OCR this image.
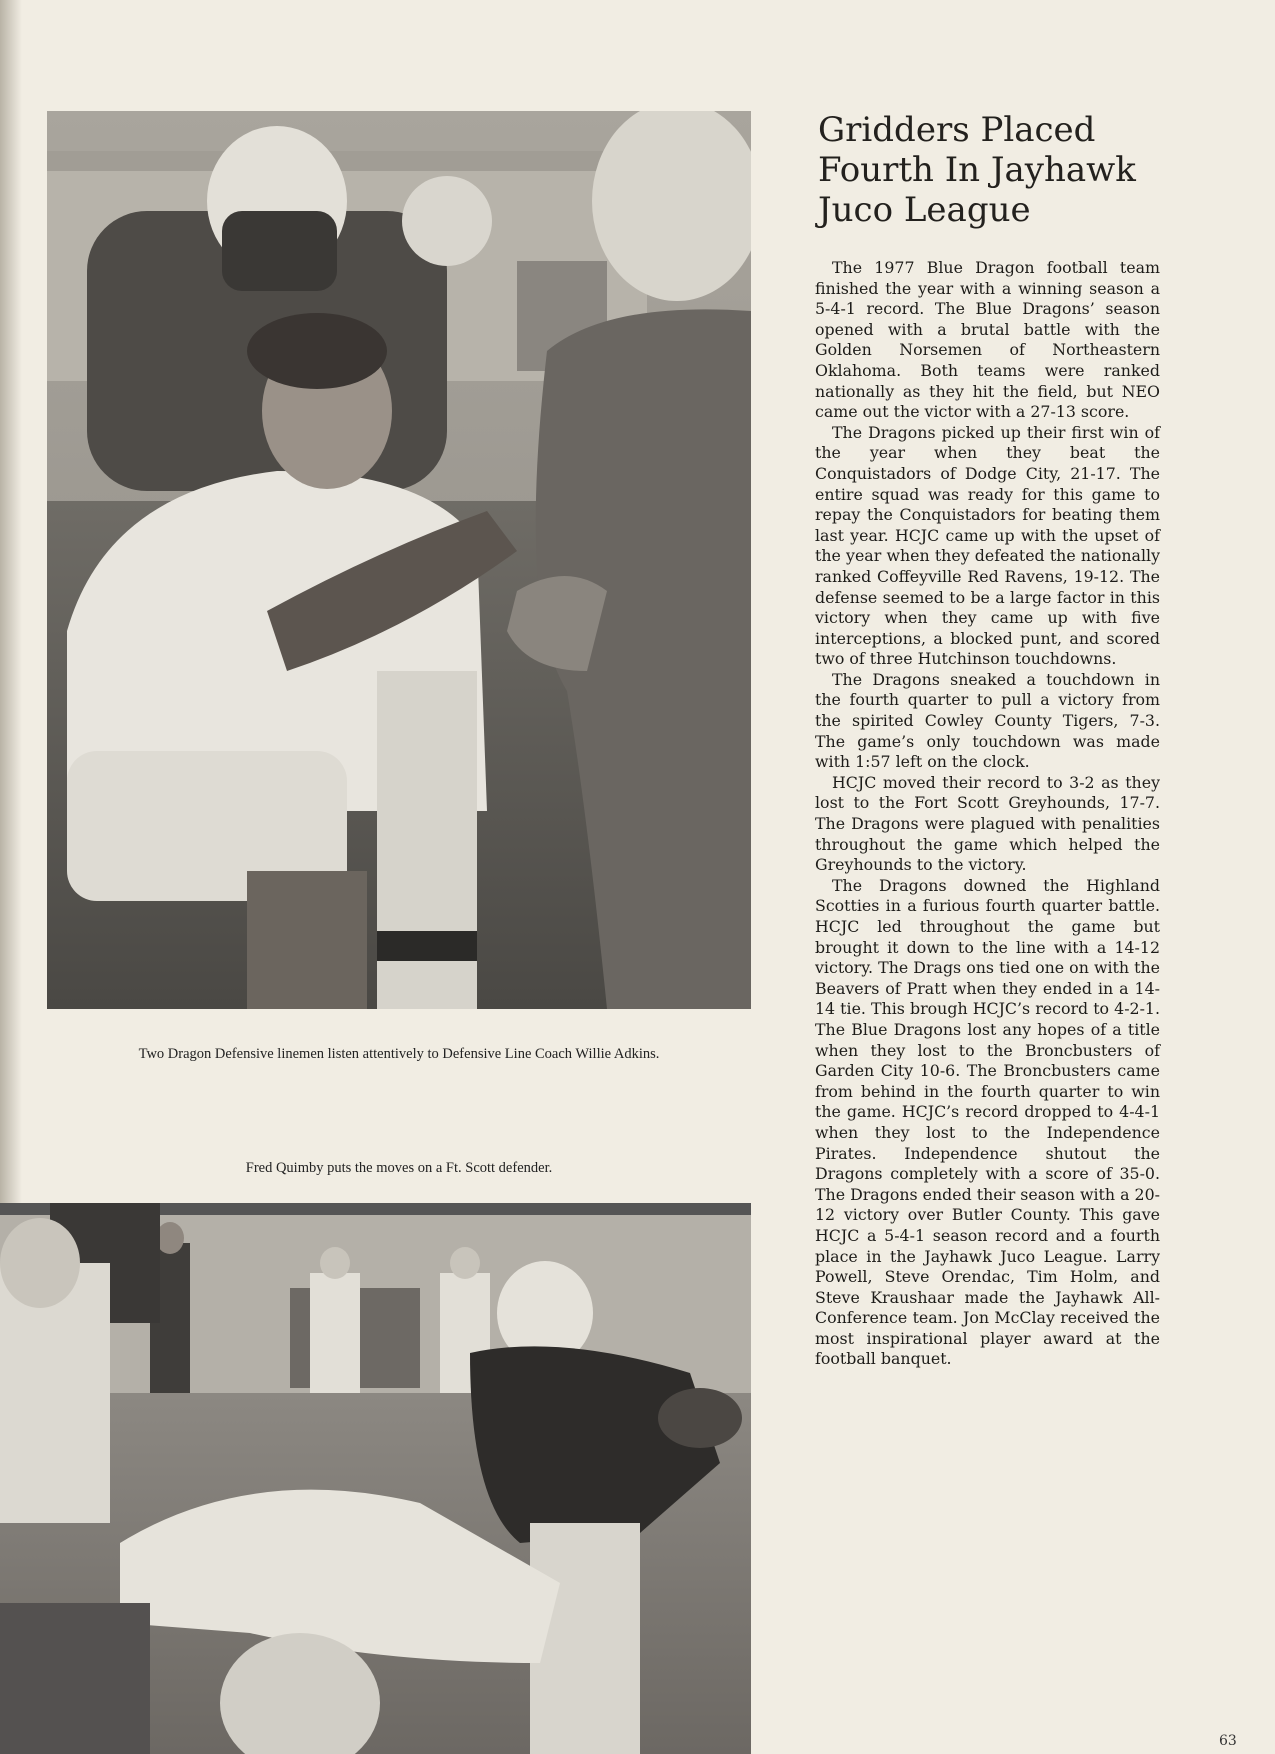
Two Dragon Defensive linemen listen attentively to Defensive Line Coach Willie Adkins.
Fred Quimby puts the moves on a Ft. Scott defender.
Gridders Placed Fourth In Jayhawk Juco League

The 1977 Blue Dragon football team finished the year with a winning season a 5-4-1 record. The Blue Dragons’ season opened with a brutal battle with the Golden Norsemen of Northeastern Oklahoma. Both teams were ranked nationally as they hit the field, but NEO came out the victor with a 27-13 score.

The Dragons picked up their first win of the year when they beat the Conquistadors of Dodge City, 21-17. The entire squad was ready for this game to repay the Conquistadors for beating them last year. HCJC came up with the upset of the year when they defeated the nationally ranked Coffeyville Red Ravens, 19-12. The defense seemed to be a large factor in this victory when they came up with five interceptions, a blocked punt, and scored two of three Hutchinson touchdowns.

The Dragons sneaked a touchdown in the fourth quarter to pull a victory from the spirited Cowley County Tigers, 7-3. The game’s only touchdown was made with 1:57 left on the clock.

HCJC moved their record to 3-2 as they lost to the Fort Scott Greyhounds, 17-7. The Dragons were plagued with penalities throughout the game which helped the Greyhounds to the victory.

The Dragons downed the Highland Scotties in a furious fourth quarter battle. HCJC led throughout the game but brought it down to the line with a 14-12 victory. The Drags ons tied one on with the Beavers of Pratt when they ended in a 14-14 tie. This brough HCJC’s record to 4-2-1. The Blue Dragons lost any hopes of a title when they lost to the Broncbusters of Garden City 10-6. The Broncbusters came from behind in the fourth quarter to win the game. HCJC’s record dropped to 4-4-1 when they lost to the Independence Pirates. Independence shutout the Dragons completely with a score of 35-0. The Dragons ended their season with a 20-12 victory over Butler County. This gave HCJC a 5-4-1 season record and a fourth place in the Jayhawk Juco League. Larry Powell, Steve Orendac, Tim Holm, and Steve Kraushaar made the Jayhawk All-Conference team. Jon McClay received the most inspirational player award at the football banquet.

63
